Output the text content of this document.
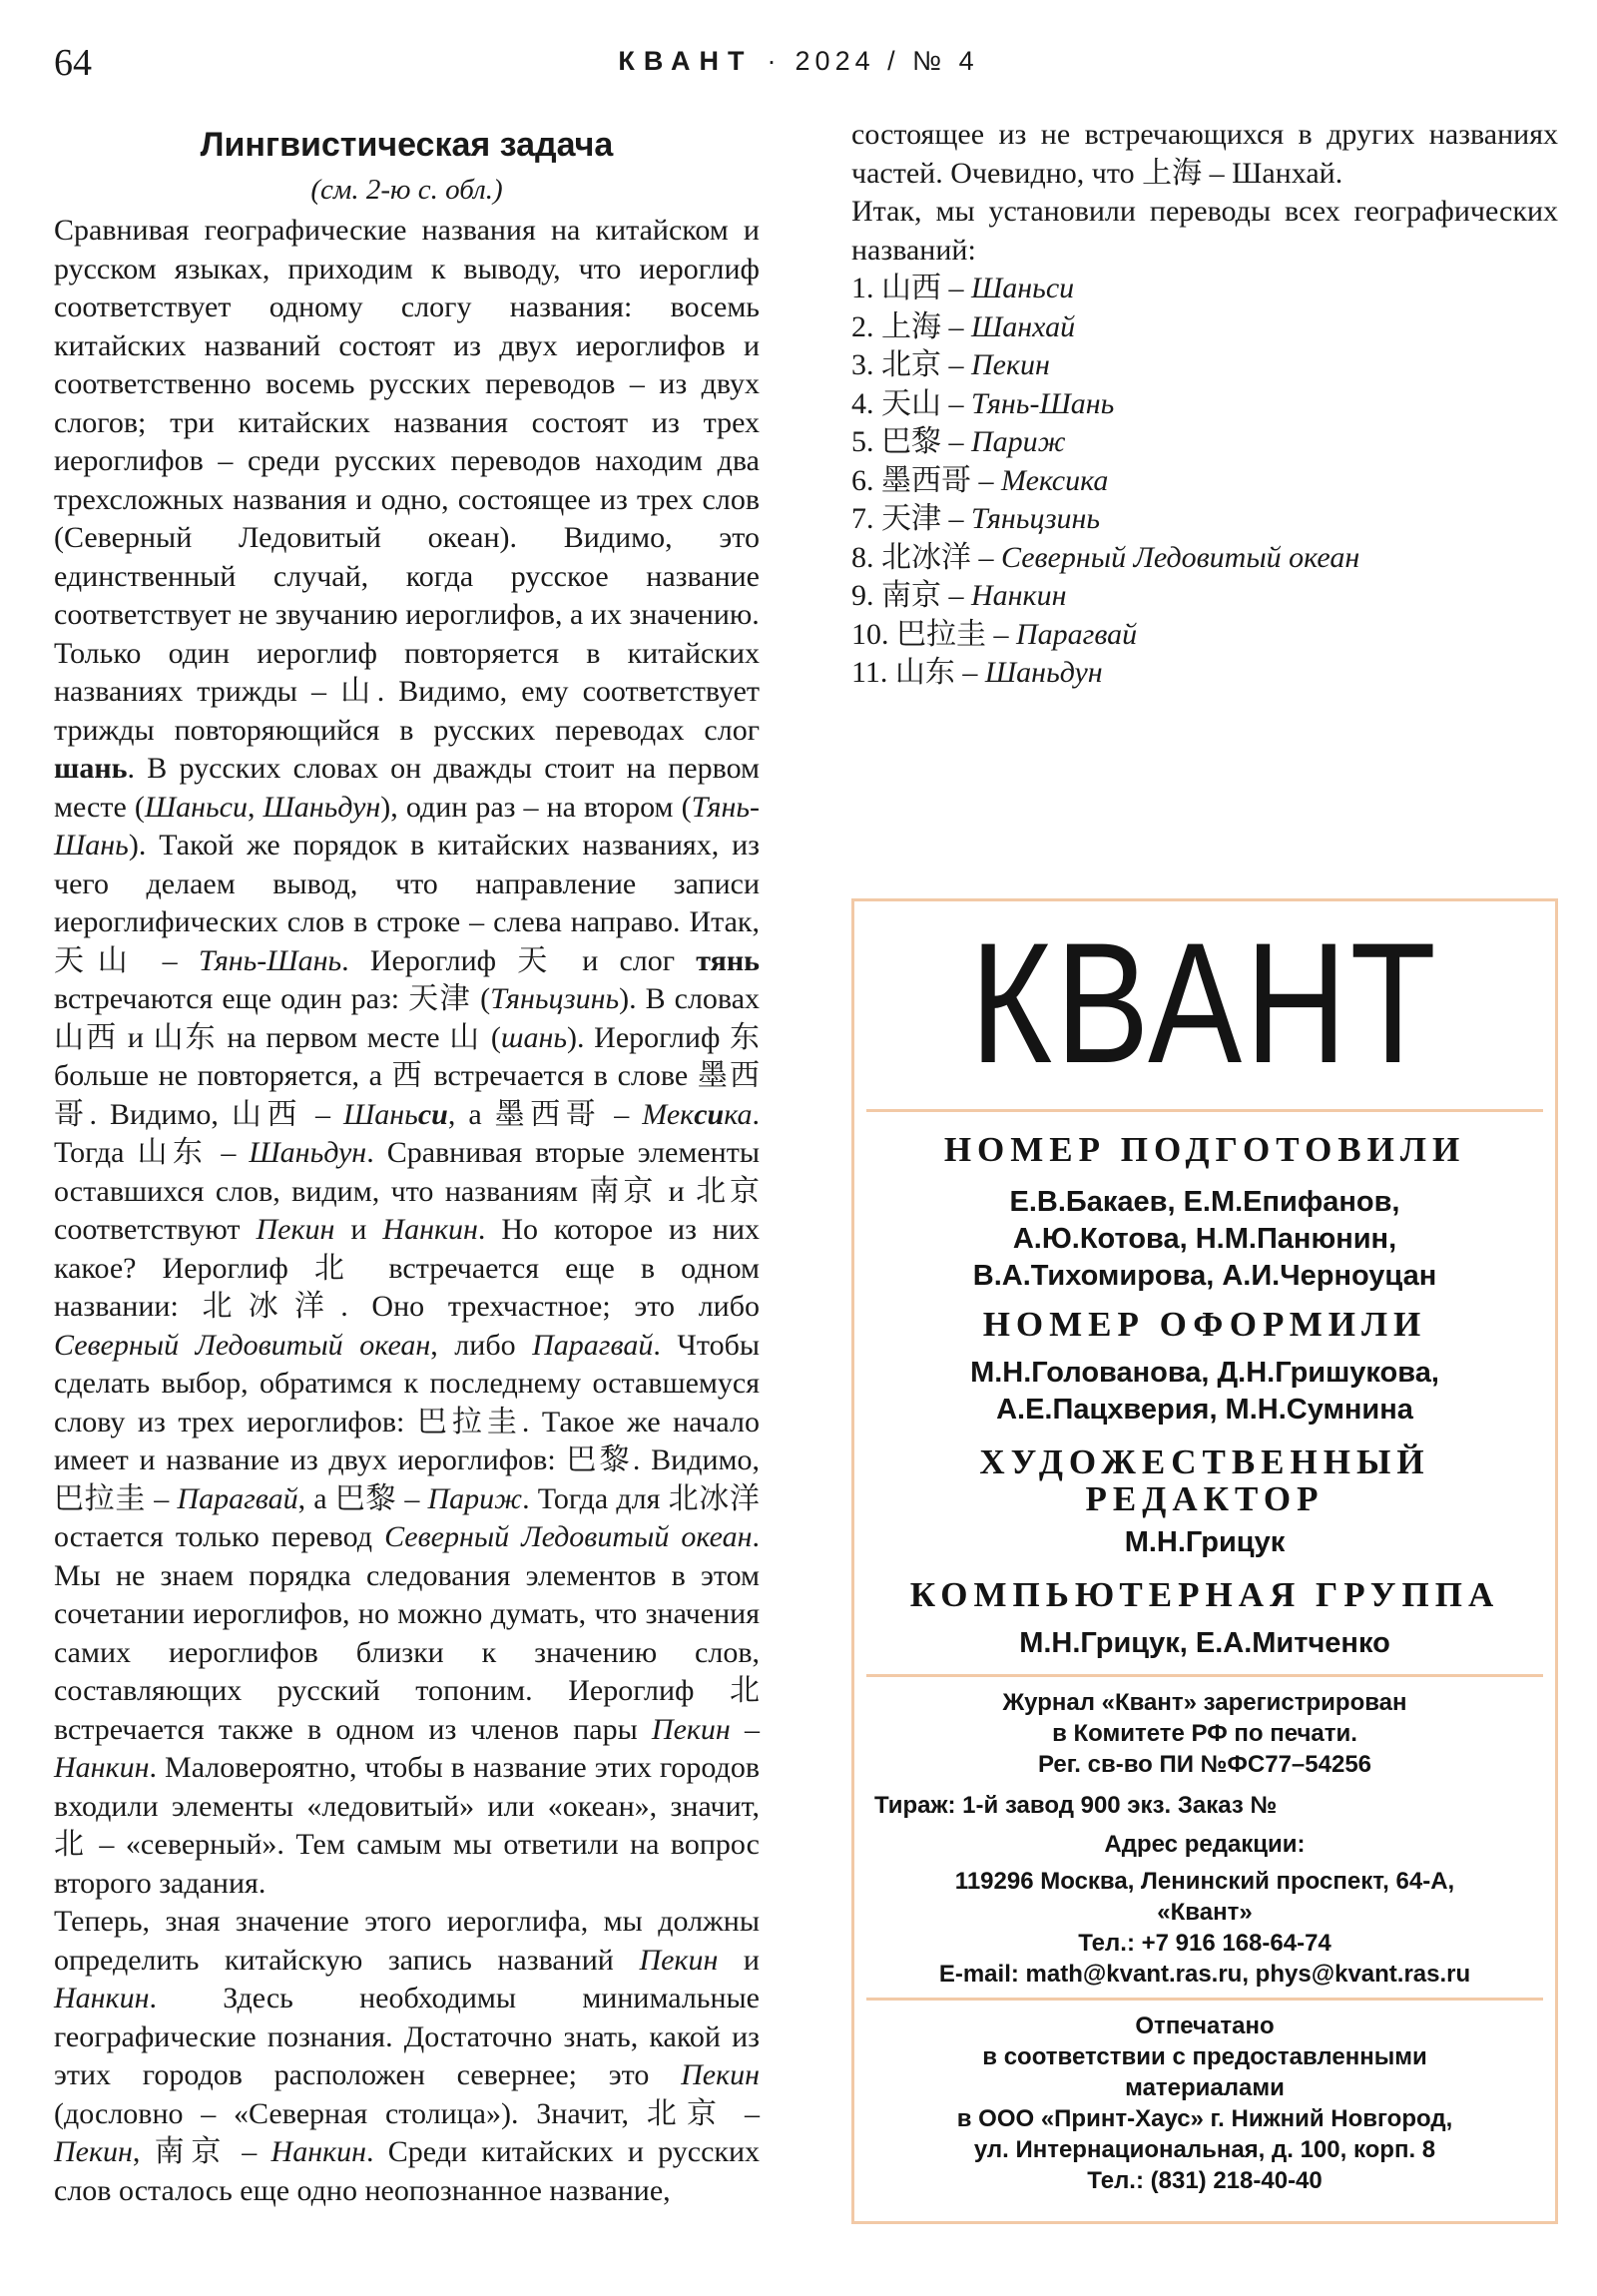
64	КВАНТ · 2024 / № 4
Лингвистическая задача
(см. 2-ю с. обл.)

Сравнивая географические названия на китайском и русском языках, приходим к выводу, что иероглиф соответствует одному слогу названия: восемь китайских названий состоят из двух иероглифов и соответственно восемь русских переводов – из двух слогов; три китайских названия состоят из трех иероглифов – среди русских переводов находим два трехсложных названия и одно, состоящее из трех слов (Северный Ледовитый океан). Видимо, это единственный случай, когда русское название соответствует не звучанию иероглифов, а их значению.

Только один иероглиф повторяется в китайских названиях трижды – 山. Видимо, ему соответствует трижды повторяющийся в русских переводах слог шань. В русских словах он дважды стоит на первом месте (Шаньси, Шаньдун), один раз – на втором (Тянь-Шань). Такой же порядок в китайских названиях, из чего делаем вывод, что направление записи иероглифических слов в строке – слева направо. Итак, 天山 – Тянь-Шань. Иероглиф 天 и слог тянь встречаются еще один раз: 天津 (Тяньцзинь). В словах 山西 и 山东 на первом месте 山 (шань). Иероглиф 东 больше не повторяется, а 西 встречается в слове 墨西哥. Видимо, 山西 – Шаньси, а 墨西哥 – Мексика. Тогда 山东 – Шаньдун. Сравнивая вторые элементы оставшихся слов, видим, что названиям 南京 и 北京 соответствуют Пекин и Нанкин. Но которое из них какое? Иероглиф 北 встречается еще в одном названии: 北冰洋. Оно трехчастное; это либо Северный Ледовитый океан, либо Парагвай. Чтобы сделать выбор, обратимся к последнему оставшемуся слову из трех иероглифов: 巴拉圭. Такое же начало имеет и название из двух иероглифов: 巴黎. Видимо, 巴拉圭 – Парагвай, а 巴黎 – Париж. Тогда для 北冰洋 остается только перевод Северный Ледовитый океан. Мы не знаем порядка следования элементов в этом сочетании иероглифов, но можно думать, что значения самих иероглифов близки к значению слов, составляющих русский топоним. Иероглиф 北 встречается также в одном из членов пары Пекин – Нанкин. Маловероятно, чтобы в название этих городов входили элементы «ледовитый» или «океан», значит, 北 – «северный». Тем самым мы ответили на вопрос второго задания.

Теперь, зная значение этого иероглифа, мы должны определить китайскую запись названий Пекин и Нанкин. Здесь необходимы минимальные географические познания. Достаточно знать, какой из этих городов расположен севернее; это Пекин (дословно – «Северная столица»). Значит, 北京 – Пекин, 南京 – Нанкин. Среди китайских и русских слов осталось еще одно неопознанное название,

состоящее из не встречающихся в других названиях частей. Очевидно, что 上海 – Шанхай.

Итак, мы установили переводы всех географических названий:

1. 山西 – Шаньси
2. 上海 – Шанхай
3. 北京 – Пекин
4. 天山 – Тянь-Шань
5. 巴黎 – Париж
6. 墨西哥 – Мексика
7. 天津 – Тяньцзинь
8. 北冰洋 – Северный Ледовитый океан
9. 南京 – Нанкин
10. 巴拉圭 – Парагвай
11. 山东 – Шаньдун
КВАНТ
НОМЕР ПОДГОТОВИЛИ
Е.В.Бакаев, Е.М.Епифанов,
А.Ю.Котова, Н.М.Панюнин,
В.А.Тихомирова, А.И.Черноуцан
НОМЕР ОФОРМИЛИ
М.Н.Голованова, Д.Н.Гришукова,
А.Е.Пацхверия, М.Н.Сумнина
ХУДОЖЕСТВЕННЫЙ
РЕДАКТОР
М.Н.Грицук
КОМПЬЮТЕРНАЯ ГРУППА
М.Н.Грицук, Е.А.Митченко
Журнал «Квант» зарегистрирован
в Комитете РФ по печати.
Рег. св-во ПИ №ФС77–54256
Тираж: 1-й завод 900 экз. Заказ №
Адрес редакции:
119296 Москва, Ленинский проспект, 64-А,
«Квант»
Тел.: +7 916 168-64-74
E-mail: math@kvant.ras.ru, phys@kvant.ras.ru
Отпечатано
в соответствии с предоставленными
материалами
в ООО «Принт-Хаус» г. Нижний Новгород,
ул. Интернациональная, д. 100, корп. 8
Тел.: (831) 218-40-40
